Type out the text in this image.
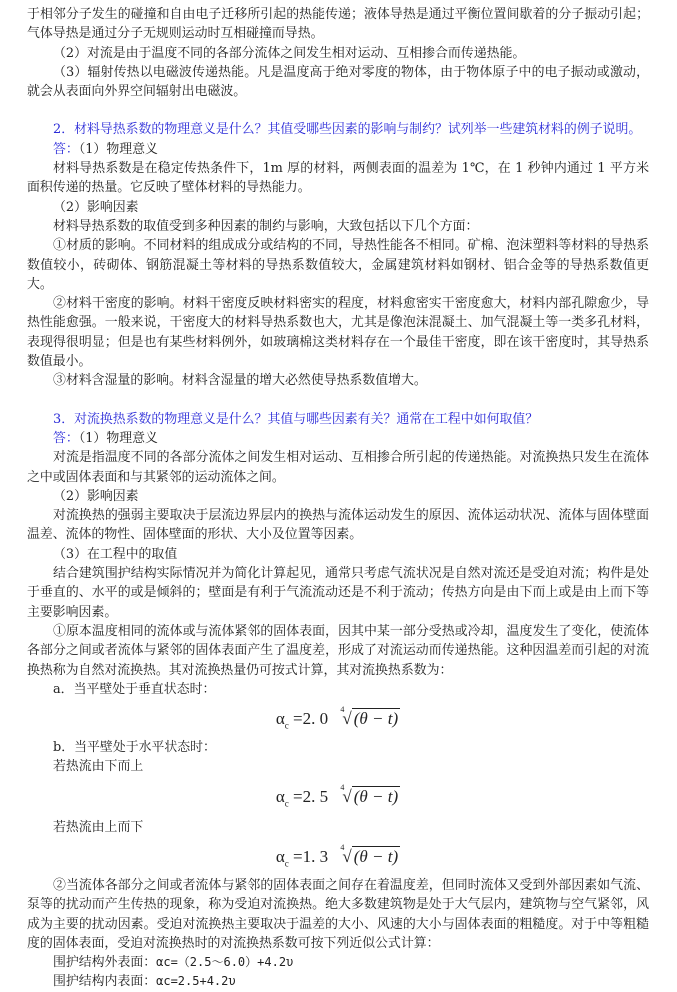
于相邻分子发生的碰撞和自由电子迁移所引起的热能传递；液体导热是通过平衡位置间歇着的分子振动引起；气体导热是通过分子无规则运动时互相碰撞而导热。

（2）对流是由于温度不同的各部分流体之间发生相对运动、互相掺合而传递热能。

（3）辐射传热以电磁波传递热能。凡是温度高于绝对零度的物体，由于物体原子中的电子振动或激动，就会从表面向外界空间辐射出电磁波。

2．材料导热系数的物理意义是什么？其值受哪些因素的影响与制约？试列举一些建筑材料的例子说明。

答：（1）物理意义

材料导热系数是在稳定传热条件下，1m 厚的材料，两侧表面的温差为 1℃，在 1 秒钟内通过 1 平方米面积传递的热量。它反映了壁体材料的导热能力。

（2）影响因素

材料导热系数的取值受到多种因素的制约与影响，大致包括以下几个方面：

①材质的影响。不同材料的组成成分或结构的不同，导热性能各不相同。矿棉、泡沫塑料等材料的导热系数值较小，砖砌体、钢筋混凝土等材料的导热系数值较大，金属建筑材料如钢材、铝合金等的导热系数值更大。

②材料干密度的影响。材料干密度反映材料密实的程度，材料愈密实干密度愈大，材料内部孔隙愈少，导热性能愈强。一般来说，干密度大的材料导热系数也大，尤其是像泡沫混凝土、加气混凝土等一类多孔材料，表现得很明显；但是也有某些材料例外，如玻璃棉这类材料存在一个最佳干密度，即在该干密度时，其导热系数值最小。

③材料含湿量的影响。材料含湿量的增大必然使导热系数值增大。

3．对流换热系数的物理意义是什么？其值与哪些因素有关？通常在工程中如何取值？

答：（1）物理意义

对流是指温度不同的各部分流体之间发生相对运动、互相掺合所引起的传递热能。对流换热只发生在流体之中或固体表面和与其紧邻的运动流体之间。

（2）影响因素

对流换热的强弱主要取决于层流边界层内的换热与流体运动发生的原因、流体运动状况、流体与固体壁面温差、流体的物性、固体壁面的形状、大小及位置等因素。

（3）在工程中的取值

结合建筑围护结构实际情况并为简化计算起见，通常只考虑气流状况是自然对流还是受迫对流；构件是处于垂直的、水平的或是倾斜的；壁面是有利于气流流动还是不利于流动；传热方向是由下而上或是由上而下等主要影响因素。

①原本温度相同的流体或与流体紧邻的固体表面，因其中某一部分受热或冷却，温度发生了变化，使流体各部分之间或者流体与紧邻的固体表面产生了温度差，形成了对流运动而传递热能。这种因温差而引起的对流换热称为自然对流换热。其对流换热量仍可按式计算，其对流换热系数为：

a．当平壁处于垂直状态时：

$\alpha_c =2$. 0 4
√ (θ − t)

b．当平壁处于水平状态时：

若热流由下而上

$\alpha_c =2$. 5 4
√ (θ − t)

若热流由上而下

$\alpha_c =1$. 3 4
√ (θ − t)

②当流体各部分之间或者流体与紧邻的固体表面之间存在着温度差，但同时流体又受到外部因素如气流、泵等的扰动而产生传热的现象，称为受迫对流换热。绝大多数建筑物是处于大气层内，建筑物与空气紧邻，风成为主要的扰动因素。受迫对流换热主要取决于温差的大小、风速的大小与固体表面的粗糙度。对于中等粗糙度的固体表面，受迫对流换热时的对流换热系数可按下列近似公式计算：

围护结构外表面：αc=（2.5～6.0）+4.2υ

围护结构内表面：αc=2.5+4.2υ
